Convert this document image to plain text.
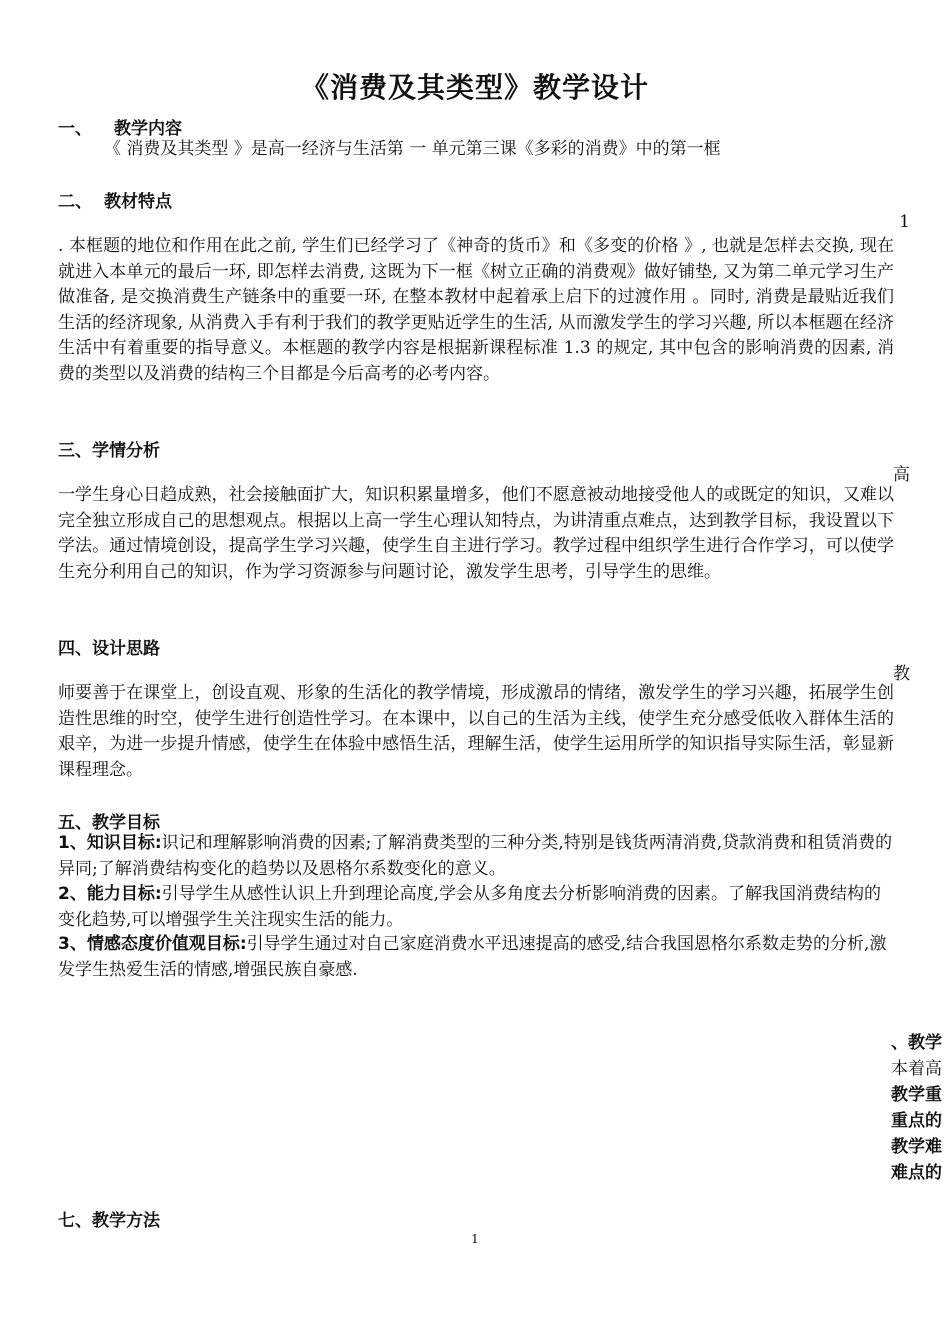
《消费及其类型》教学设计
一、 教学内容
《 消费及其类型 》是高一经济与生活第 一 单元第三课《多彩的消费》中的第一框
二、 教材特点
1
. 本框题的地位和作用在此之前, 学生们已经学习了《神奇的货币》和《多变的价格 》, 也就是怎样去交换, 现在就进入本单元的最后一环, 即怎样去消费, 这既为下一框《树立正确的消费观》做好铺垫, 又为第二单元学习生产做准备, 是交换消费生产链条中的重要一环, 在整本教材中起着承上启下的过渡作用 。同时, 消费是最贴近我们生活的经济现象, 从消费入手有利于我们的教学更贴近学生的生活, 从而激发学生的学习兴趣, 所以本框题在经济生活中有着重要的指导意义。本框题的教学内容是根据新课程标准 1.3 的规定, 其中包含的影响消费的因素, 消费的类型以及消费的结构三个目都是今后高考的必考内容。
三、学情分析
高
一学生身心日趋成熟，社会接触面扩大，知识积累量增多，他们不愿意被动地接受他人的或既定的知识，又难以完全独立形成自己的思想观点。根据以上高一学生心理认知特点，为讲清重点难点，达到教学目标，我设置以下学法。通过情境创设，提高学生学习兴趣，使学生自主进行学习。教学过程中组织学生进行合作学习，可以使学生充分利用自己的知识，作为学习资源参与问题讨论，激发学生思考，引导学生的思维。
四、设计思路
教
师要善于在课堂上，创设直观、形象的生活化的教学情境，形成激昂的情绪，激发学生的学习兴趣，拓展学生创造性思维的时空，使学生进行创造性学习。在本课中，以自己的生活为主线，使学生充分感受低收入群体生活的艰辛，为进一步提升情感，使学生在体验中感悟生活，理解生活，使学生运用所学的知识指导实际生活，彰显新课程理念。
五、教学目标
1、知识目标:识记和理解影响消费的因素;了解消费类型的三种分类,特别是钱货两清消费,贷款消费和租赁消费的异同;了解消费结构变化的趋势以及恩格尔系数变化的意义。
2、能力目标:引导学生从感性认识上升到理论高度,学会从多角度去分析影响消费的因素。了解我国消费结构的变化趋势,可以增强学生关注现实生活的能力。
3、情感态度价值观目标:引导学生通过对自己家庭消费水平迅速提高的感受,结合我国恩格尔系数走势的分析,激发学生热爱生活的情感,增强民族自豪感.
、教学
本着高
教学重
重点的
教学难
难点的
七、教学方法
1
